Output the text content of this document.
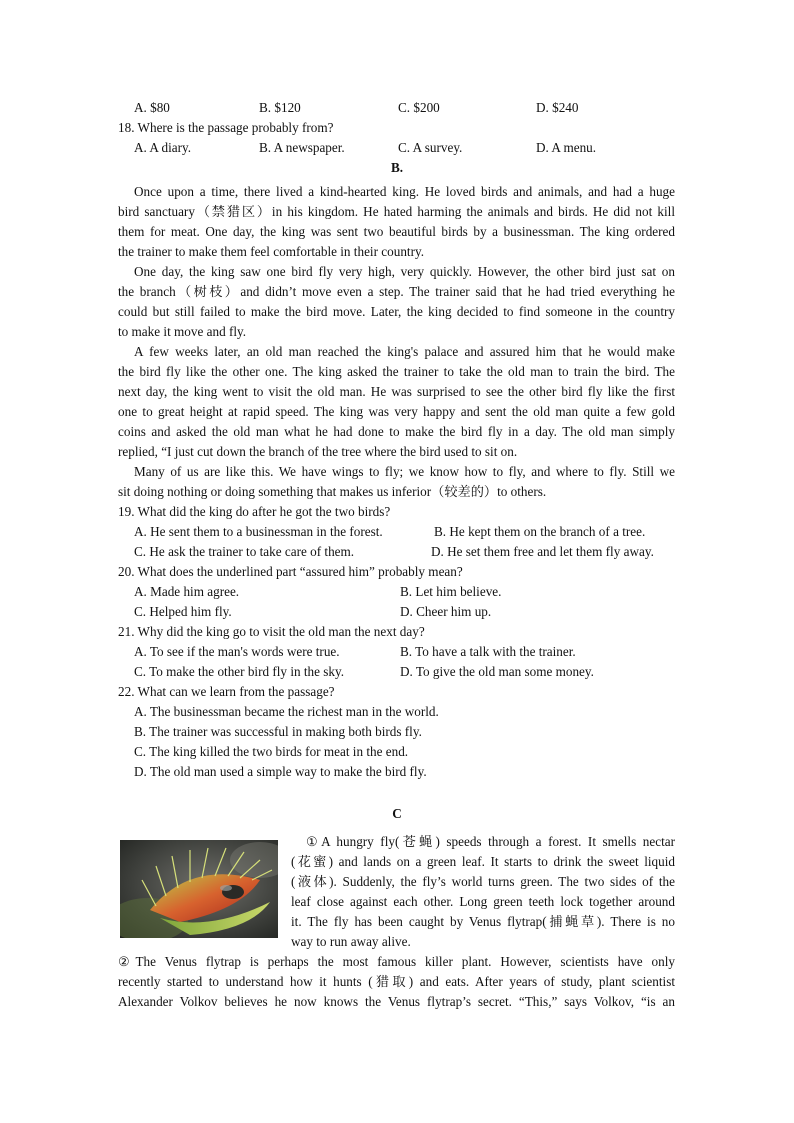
A. $80	B. $120	C. $200	D. $240
18. Where is the passage probably from?
A. A diary.	B. A newspaper.	C. A survey.	D. A menu.
B.
Once upon a time, there lived a kind-hearted king. He loved birds and animals, and had a huge
bird sanctuary（禁猎区）in his kingdom. He hated harming the animals and birds. He did not kill
them for meat. One day, the king was sent two beautiful birds by a businessman. The king ordered
the trainer to make them feel comfortable in their country.
One day, the king saw one bird fly very high, very quickly. However, the other bird just sat on
the branch（树枝）and didn’t move even a step. The trainer said that he had tried everything he
could but still failed to make the bird move. Later, the king decided to find someone in the country
to make it move and fly.
A few weeks later, an old man reached the king's palace and assured him that he would make
the bird fly like the other one. The king asked the trainer to take the old man to train the bird. The
next day, the king went to visit the old man. He was surprised to see the other bird fly like the first
one to great height at rapid speed. The king was very happy and sent the old man quite a few gold
coins and asked the old man what he had done to make the bird fly in a day. The old man simply
replied, “I just cut down the branch of the tree where the bird used to sit on.
Many of us are like this. We have wings to fly; we know how to fly, and where to fly. Still we
sit doing nothing or doing something that makes us inferior（较差的）to others.
19. What did the king do after he got the two birds?
A. He sent them to a businessman in the forest.	B. He kept them on the branch of a tree.
C. He ask the trainer to take care of them.	D. He set them free and let them fly away.
20. What does the underlined part “assured him” probably mean?
A. Made him agree.	B. Let him believe.
C. Helped him fly.	D. Cheer him up.
21. Why did the king go to visit the old man the next day?
A. To see if the man's words were true.	B. To have a talk with the trainer.
C. To make the other bird fly in the sky.	D. To give the old man some money.
22. What can we learn from the passage?
A. The businessman became the richest man in the world.
B. The trainer was successful in making both birds fly.
C. The king killed the two birds for meat in the end.
D. The old man used a simple way to make the bird fly.
C
①A hungry fly(苍蝇) speeds through a forest. It smells nectar
(花蜜) and lands on a green leaf. It starts to drink the sweet liquid
(液体). Suddenly, the fly’s world turns green. The two sides of the
leaf close against each other. Long green teeth lock together around
it. The fly has been caught by Venus flytrap(捕蝇草). There is no
way to run away alive.
②The Venus flytrap is perhaps the most famous killer plant. However, scientists have only
recently started to understand how it hunts (猎取) and eats. After years of study, plant scientist
Alexander Volkov believes he now knows the Venus flytrap’s secret. “This,” says Volkov, “is an
